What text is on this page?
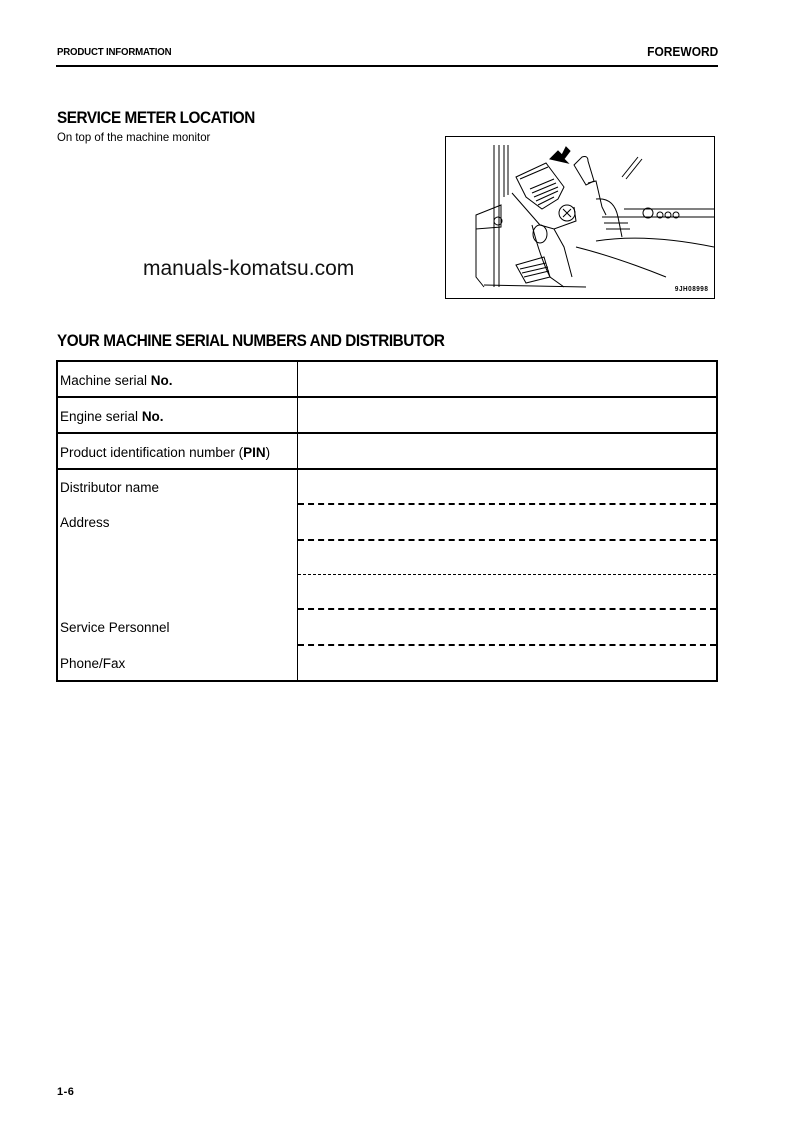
PRODUCT INFORMATION	FOREWORD
SERVICE METER LOCATION
On top of the machine monitor
manuals-komatsu.com
9JH08998
YOUR MACHINE SERIAL NUMBERS AND DISTRIBUTOR
Machine serial No.
Engine serial No.
Product identification number (PIN)
Distributor name
Address
Service Personnel
Phone/Fax
1-6
